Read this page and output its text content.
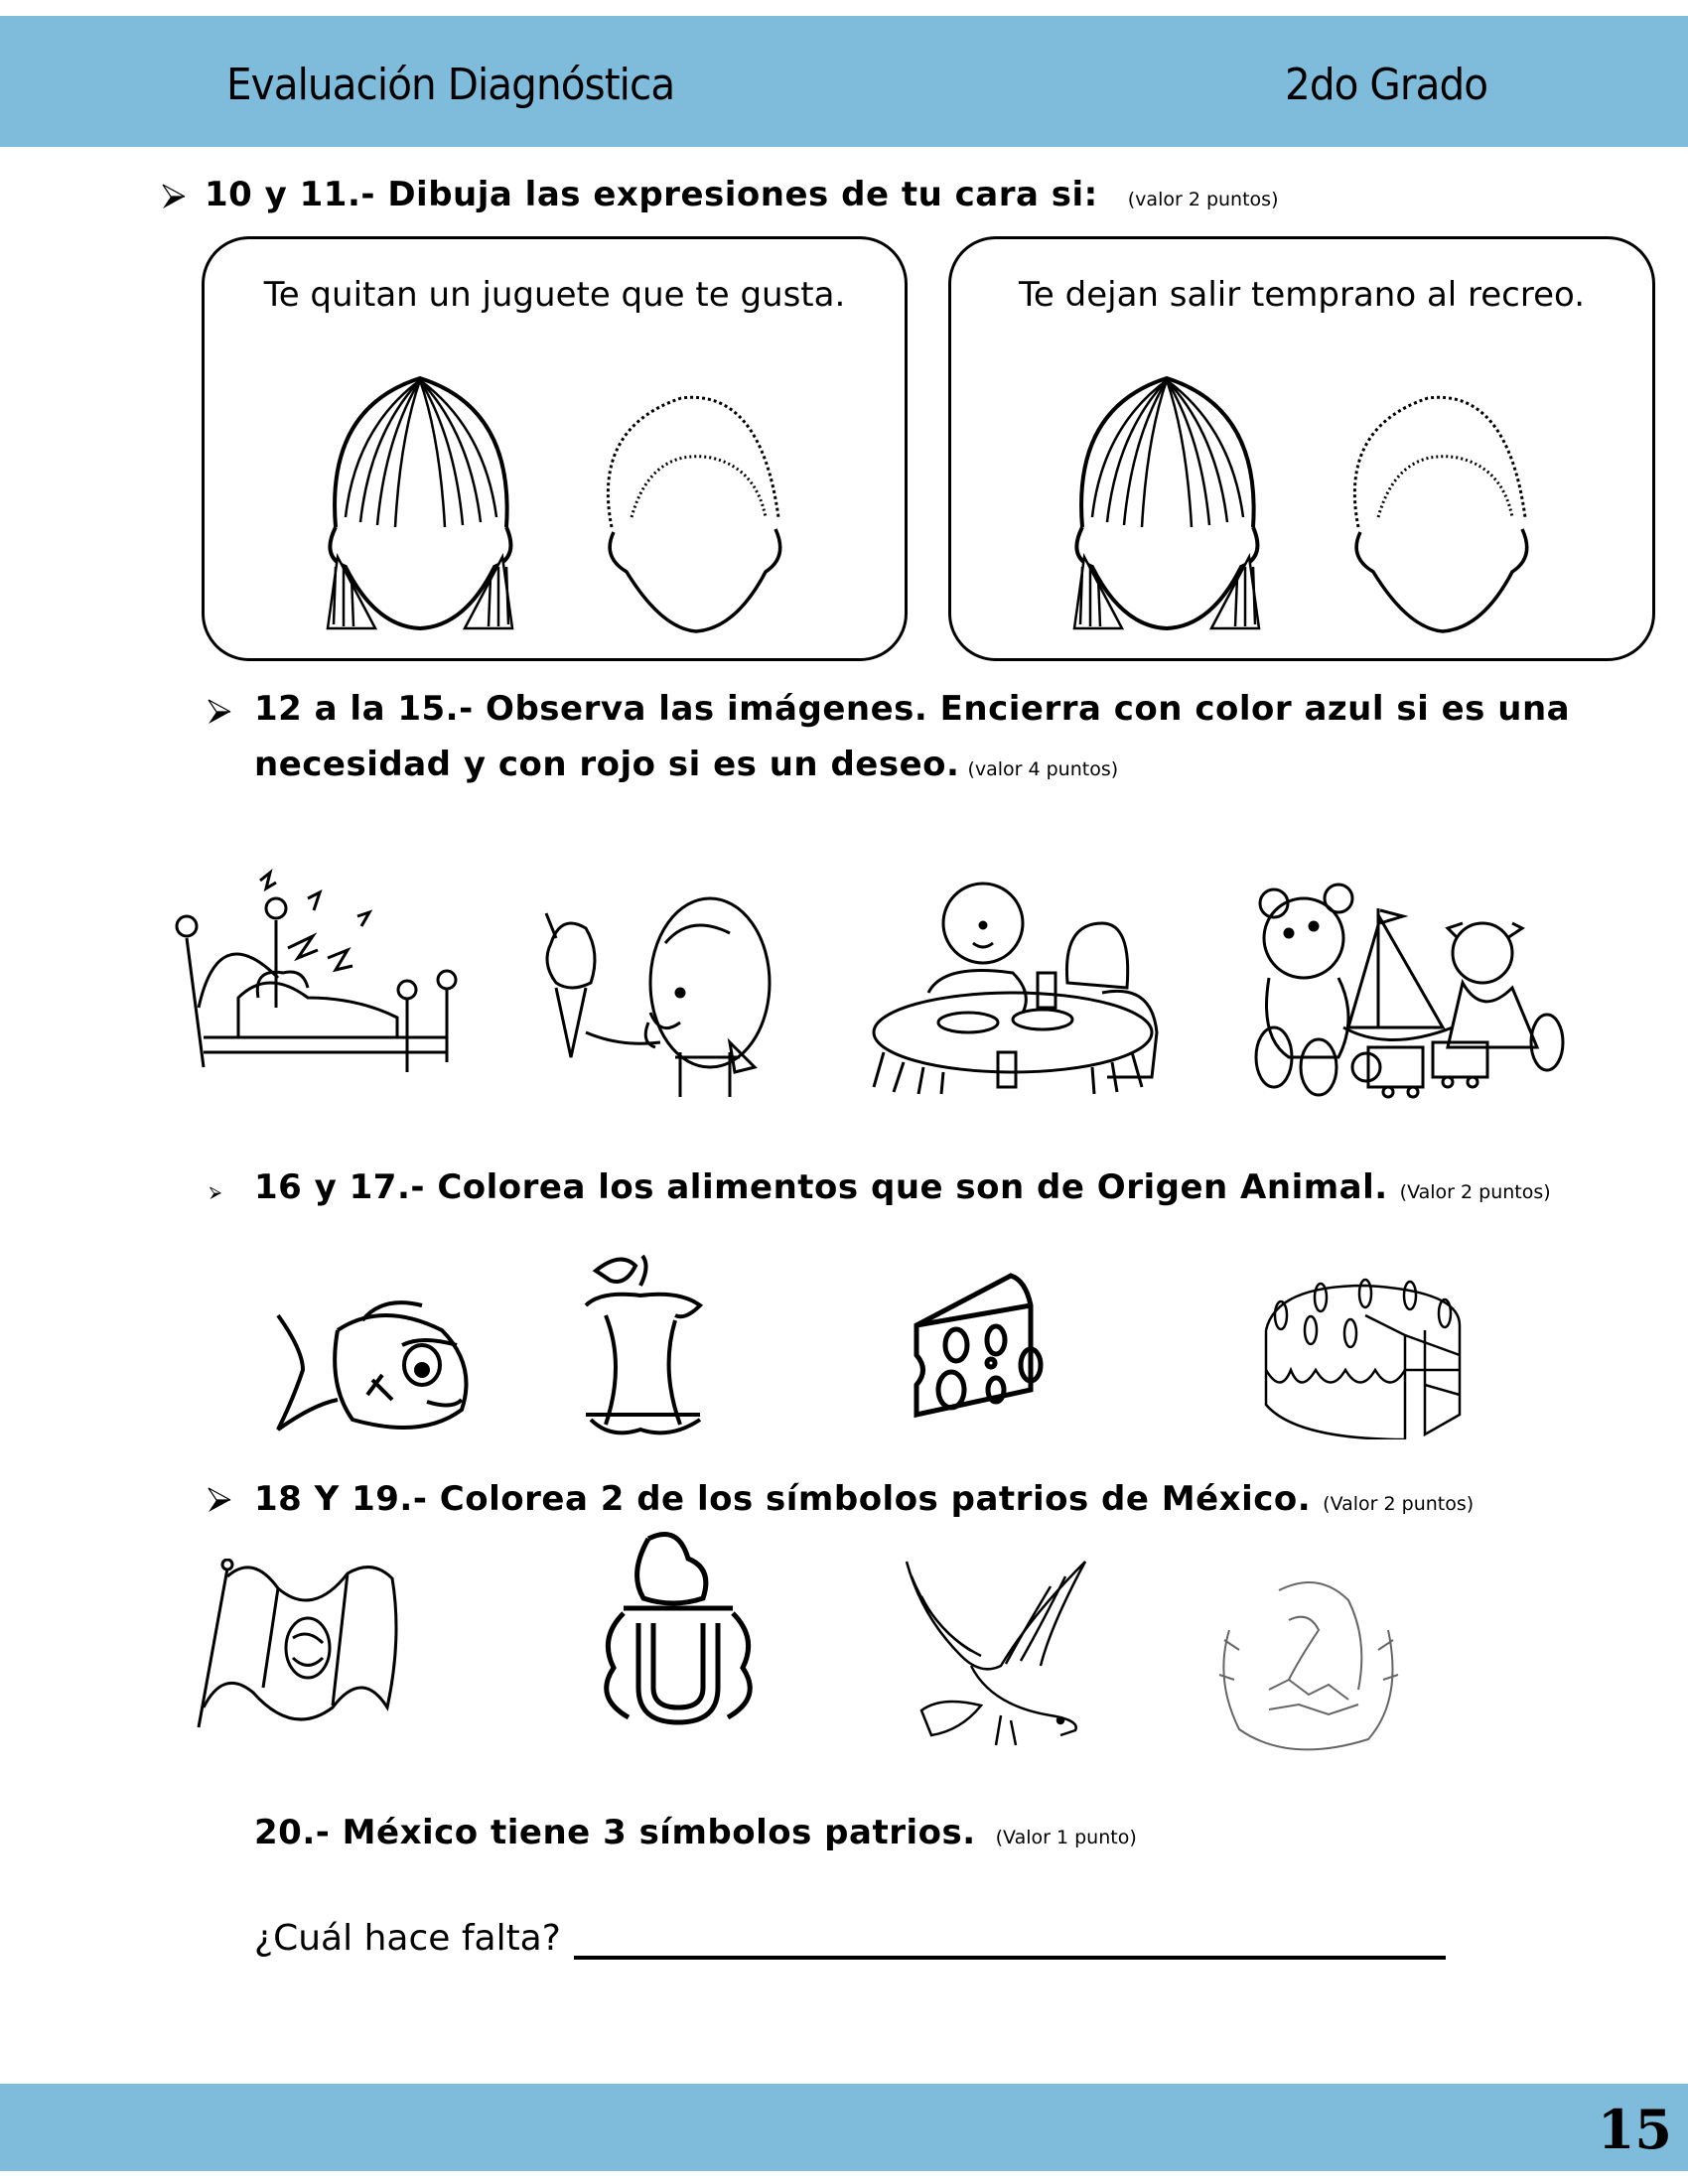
Evaluación Diagnóstica	2do Grado
10 y 11.- Dibuja las expresiones de tu cara si: (valor 2 puntos)
Te quitan un juguete que te gusta.	Te dejan salir temprano al recreo.
12 a la 15.- Observa las imágenes. Encierra con color azul si es una
necesidad y con rojo si es un deseo. (valor 4 puntos)
16 y 17.- Colorea los alimentos que son de Origen Animal. (Valor 2 puntos)
18 Y 19.- Colorea 2 de los símbolos patrios de México. (Valor 2 puntos)
20.- México tiene 3 símbolos patrios. (Valor 1 punto)
¿Cuál hace falta?
15
